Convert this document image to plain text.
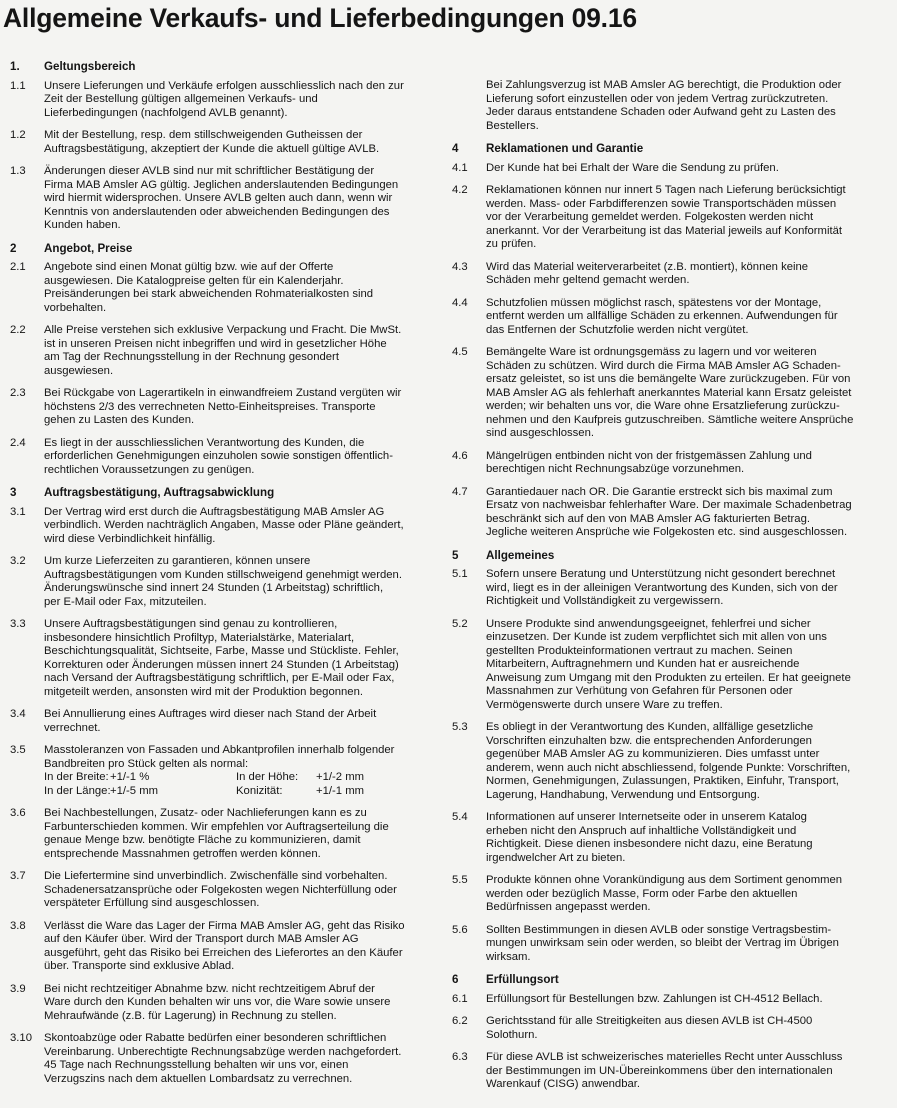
Allgemeine Verkaufs- und Lieferbedingungen 09.16
1.	Geltungsbereich
1.1	Unsere Lieferungen und Verkäufe erfolgen ausschliesslich nach den zur
Zeit der Bestellung gültigen allgemeinen Verkaufs- und
Lieferbedingungen (nachfolgend AVLB genannt).
1.2	Mit der Bestellung, resp. dem stillschweigenden Gutheissen der
Auftragsbestätigung, akzeptiert der Kunde die aktuell gültige AVLB.
1.3	Änderungen dieser AVLB sind nur mit schriftlicher Bestätigung der
Firma MAB Amsler AG gültig. Jeglichen anderslautenden Bedingungen
wird hiermit widersprochen. Unsere AVLB gelten auch dann, wenn wir
Kenntnis von anderslautenden oder abweichenden Bedingungen des
Kunden haben.
2	Angebot, Preise
2.1	Angebote sind einen Monat gültig bzw. wie auf der Offerte
ausgewiesen. Die Katalogpreise gelten für ein Kalenderjahr.
Preisänderungen bei stark abweichenden Rohmaterialkosten sind
vorbehalten.
2.2	Alle Preise verstehen sich exklusive Verpackung und Fracht. Die MwSt.
ist in unseren Preisen nicht inbegriffen und wird in gesetzlicher Höhe
am Tag der Rechnungsstellung in der Rechnung gesondert
ausgewiesen.
2.3	Bei Rückgabe von Lagerartikeln in einwandfreiem Zustand vergüten wir
höchstens 2/3 des verrechneten Netto-Einheitspreises. Transporte
gehen zu Lasten des Kunden.
2.4	Es liegt in der ausschliesslichen Verantwortung des Kunden, die
erforderlichen Genehmigungen einzuholen sowie sonstigen öffentlich-
rechtlichen Voraussetzungen zu genügen.
3	Auftragsbestätigung, Auftragsabwicklung
3.1	Der Vertrag wird erst durch die Auftragsbestätigung MAB Amsler AG
verbindlich. Werden nachträglich Angaben, Masse oder Pläne geändert,
wird diese Verbindlichkeit hinfällig.
3.2	Um kurze Lieferzeiten zu garantieren, können unsere
Auftragsbestätigungen vom Kunden stillschweigend genehmigt werden.
Änderungswünsche sind innert 24 Stunden (1 Arbeitstag) schriftlich,
per E-Mail oder Fax, mitzuteilen.
3.3	Unsere Auftragsbestätigungen sind genau zu kontrollieren,
insbesondere hinsichtlich Profiltyp, Materialstärke, Materialart,
Beschichtungsqualität, Sichtseite, Farbe, Masse und Stückliste. Fehler,
Korrekturen oder Änderungen müssen innert 24 Stunden (1 Arbeitstag)
nach Versand der Auftragsbestätigung schriftlich, per E-Mail oder Fax,
mitgeteilt werden, ansonsten wird mit der Produktion begonnen.
3.4	Bei Annullierung eines Auftrages wird dieser nach Stand der Arbeit
verrechnet.
3.5	Masstoleranzen von Fassaden und Abkantprofilen innerhalb folgender
Bandbreiten pro Stück gelten als normal:
In der Breite: +1/-1 %	In der Höhe:	+1/-2 mm
In der Länge: +1/-5 mm	Konizität:	+1/-1 mm
3.6	Bei Nachbestellungen, Zusatz- oder Nachlieferungen kann es zu
Farbunterschieden kommen. Wir empfehlen vor Auftragserteilung die
genaue Menge bzw. benötigte Fläche zu kommunizieren, damit
entsprechende Massnahmen getroffen werden können.
3.7	Die Liefertermine sind unverbindlich. Zwischenfälle sind vorbehalten.
Schadenersatzansprüche oder Folgekosten wegen Nichterfüllung oder
verspäteter Erfüllung sind ausgeschlossen.
3.8	Verlässt die Ware das Lager der Firma MAB Amsler AG, geht das Risiko
auf den Käufer über. Wird der Transport durch MAB Amsler AG
ausgeführt, geht das Risiko bei Erreichen des Lieferortes an den Käufer
über. Transporte sind exklusive Ablad.
3.9	Bei nicht rechtzeitiger Abnahme bzw. nicht rechtzeitigem Abruf der
Ware durch den Kunden behalten wir uns vor, die Ware sowie unsere
Mehraufwände (z.B. für Lagerung) in Rechnung zu stellen.
3.10	Skontoabzüge oder Rabatte bedürfen einer besonderen schriftlichen
Vereinbarung. Unberechtigte Rechnungsabzüge werden nachgefordert.
45 Tage nach Rechnungsstellung behalten wir uns vor, einen
Verzugszins nach dem aktuellen Lombardsatz zu verrechnen.
Bei Zahlungsverzug ist MAB Amsler AG berechtigt, die Produktion oder
Lieferung sofort einzustellen oder von jedem Vertrag zurückzutreten.
Jeder daraus entstandene Schaden oder Aufwand geht zu Lasten des
Bestellers.
4	Reklamationen und Garantie
4.1	Der Kunde hat bei Erhalt der Ware die Sendung zu prüfen.
4.2	Reklamationen können nur innert 5 Tagen nach Lieferung berücksichtigt
werden. Mass- oder Farbdifferenzen sowie Transportschäden müssen
vor der Verarbeitung gemeldet werden. Folgekosten werden nicht
anerkannt. Vor der Verarbeitung ist das Material jeweils auf Konformität
zu prüfen.
4.3	Wird das Material weiterverarbeitet (z.B. montiert), können keine
Schäden mehr geltend gemacht werden.
4.4	Schutzfolien müssen möglichst rasch, spätestens vor der Montage,
entfernt werden um allfällige Schäden zu erkennen. Aufwendungen für
das Entfernen der Schutzfolie werden nicht vergütet.
4.5	Bemängelte Ware ist ordnungsgemäss zu lagern und vor weiteren
Schäden zu schützen. Wird durch die Firma MAB Amsler AG Schaden-
ersatz geleistet, so ist uns die bemängelte Ware zurückzugeben. Für von
MAB Amsler AG als fehlerhaft anerkanntes Material kann Ersatz geleistet
werden; wir behalten uns vor, die Ware ohne Ersatzlieferung zurückzu-
nehmen und den Kaufpreis gutzuschreiben. Sämtliche weitere Ansprüche
sind ausgeschlossen.
4.6	Mängelrügen entbinden nicht von der fristgemässen Zahlung und
berechtigen nicht Rechnungsabzüge vorzunehmen.
4.7	Garantiedauer nach OR. Die Garantie erstreckt sich bis maximal zum
Ersatz von nachweisbar fehlerhafter Ware. Der maximale Schadenbetrag
beschränkt sich auf den von MAB Amsler AG fakturierten Betrag.
Jegliche weiteren Ansprüche wie Folgekosten etc. sind ausgeschlossen.
5	Allgemeines
5.1	Sofern unsere Beratung und Unterstützung nicht gesondert berechnet
wird, liegt es in der alleinigen Verantwortung des Kunden, sich von der
Richtigkeit und Vollständigkeit zu vergewissern.
5.2	Unsere Produkte sind anwendungsgeeignet, fehlerfrei und sicher
einzusetzen. Der Kunde ist zudem verpflichtet sich mit allen von uns
gestellten Produkteinformationen vertraut zu machen. Seinen
Mitarbeitern, Auftragnehmern und Kunden hat er ausreichende
Anweisung zum Umgang mit den Produkten zu erteilen. Er hat geeignete
Massnahmen zur Verhütung von Gefahren für Personen oder
Vermögenswerte durch unsere Ware zu treffen.
5.3	Es obliegt in der Verantwortung des Kunden, allfällige gesetzliche
Vorschriften einzuhalten bzw. die entsprechenden Anforderungen
gegenüber MAB Amsler AG zu kommunizieren. Dies umfasst unter
anderem, wenn auch nicht abschliessend, folgende Punkte: Vorschriften,
Normen, Genehmigungen, Zulassungen, Praktiken, Einfuhr, Transport,
Lagerung, Handhabung, Verwendung und Entsorgung.
5.4	Informationen auf unserer Internetseite oder in unserem Katalog
erheben nicht den Anspruch auf inhaltliche Vollständigkeit und
Richtigkeit. Diese dienen insbesondere nicht dazu, eine Beratung
irgendwelcher Art zu bieten.
5.5	Produkte können ohne Vorankündigung aus dem Sortiment genommen
werden oder bezüglich Masse, Form oder Farbe den aktuellen
Bedürfnissen angepasst werden.
5.6	Sollten Bestimmungen in diesen AVLB oder sonstige Vertragsbestim-
mungen unwirksam sein oder werden, so bleibt der Vertrag im Übrigen
wirksam.
6	Erfüllungsort
6.1	Erfüllungsort für Bestellungen bzw. Zahlungen ist CH-4512 Bellach.
6.2	Gerichtsstand für alle Streitigkeiten aus diesen AVLB ist CH-4500
Solothurn.
6.3	Für diese AVLB ist schweizerisches materielles Recht unter Ausschluss
der Bestimmungen im UN-Übereinkommens über den internationalen
Warenkauf (CISG) anwendbar.
